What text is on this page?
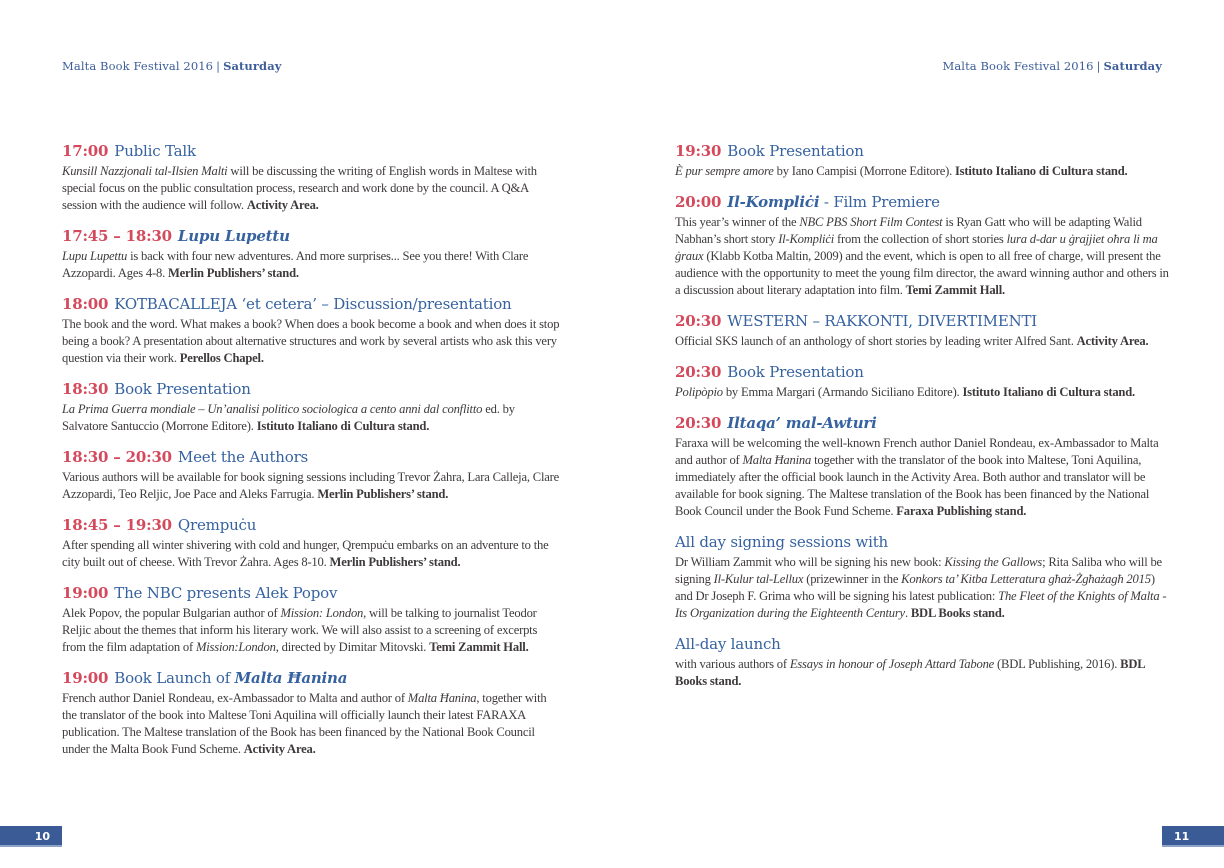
Malta Book Festival 2016 | Saturday	Malta Book Festival 2016 | Saturday
17:00 Public Talk

Kunsill Nazzjonali tal-Ilsien Malti will be discussing the writing of English words in Maltese with special focus on the public consultation process, research and work done by the council. A Q&A session with the audience will follow. Activity Area.

17:45 – 18:30 Lupu Lupettu

Lupu Lupettu is back with four new adventures. And more surprises... See you there! With Clare Azzopardi. Ages 4-8. Merlin Publishers’ stand.

18:00 KOTBACALLEJA ‘et cetera’ – Discussion/presentation

The book and the word. What makes a book? When does a book become a book and when does it stop being a book? A presentation about alternative structures and work by several artists who ask this very question via their work. Perellos Chapel.

18:30 Book Presentation

La Prima Guerra mondiale – Un’analisi politico sociologica a cento anni dal conflitto ed. by Salvatore Santuccio (Morrone Editore). Istituto Italiano di Cultura stand.

18:30 – 20:30 Meet the Authors

Various authors will be available for book signing sessions including Trevor Żahra, Lara Calleja, Clare Azzopardi, Teo Reljic, Joe Pace and Aleks Farrugia. Merlin Publishers’ stand.

18:45 – 19:30 Qrempuċu

After spending all winter shivering with cold and hunger, Qrempuċu embarks on an adventure to the city built out of cheese. With Trevor Żahra. Ages 8-10. Merlin Publishers’ stand.

19:00 The NBC presents Alek Popov

Alek Popov, the popular Bulgarian author of Mission: London, will be talking to journalist Teodor Reljic about the themes that inform his literary work. We will also assist to a screening of excerpts from the film adaptation of Mission:London, directed by Dimitar Mitovski. Temi Zammit Hall.

19:00 Book Launch of Malta Ħanina

French author Daniel Rondeau, ex-Ambassador to Malta and author of Malta Ħanina, together with the translator of the book into Maltese Toni Aquilina will officially launch their latest FARAXA publication. The Maltese translation of the Book has been financed by the National Book Council under the Malta Book Fund Scheme. Activity Area.

19:30 Book Presentation

È pur sempre amore by Iano Campisi (Morrone Editore). Istituto Italiano di Cultura stand.

20:00 Il-Kompliċi - Film Premiere

This year’s winner of the NBC PBS Short Film Contest is Ryan Gatt who will be adapting Walid Nabhan’s short story Il-Kompliċi from the collection of short stories lura d-dar u ġrajjiet oħra li ma ġraux (Klabb Kotba Maltin, 2009) and the event, which is open to all free of charge, will present the audience with the opportunity to meet the young film director, the award winning author and others in a discussion about literary adaptation into film. Temi Zammit Hall.

20:30 WESTERN – RAKKONTI, DIVERTIMENTI

Official SKS launch of an anthology of short stories by leading writer Alfred Sant. Activity Area.

20:30 Book Presentation

Polipòpio by Emma Margari (Armando Siciliano Editore). Istituto Italiano di Cultura stand.

20:30 Iltaqa’ mal-Awturi

Faraxa will be welcoming the well-known French author Daniel Rondeau, ex-Ambassador to Malta and author of Malta Ħanina together with the translator of the book into Maltese, Toni Aquilina, immediately after the official book launch in the Activity Area. Both author and translator will be available for book signing. The Maltese translation of the Book has been financed by the National Book Council under the Book Fund Scheme. Faraxa Publishing stand.

All day signing sessions with

Dr William Zammit who will be signing his new book: Kissing the Gallows; Rita Saliba who will be signing Il-Kulur tal-Lellux (prizewinner in the Konkors ta’ Kitba Letteratura għaż-Żgħażagħ 2015) and Dr Joseph F. Grima who will be signing his latest publication: The Fleet of the Knights of Malta - Its Organization during the Eighteenth Century. BDL Books stand.

All-day launch

with various authors of Essays in honour of Joseph Attard Tabone (BDL Publishing, 2016). BDL Books stand.

10	11
